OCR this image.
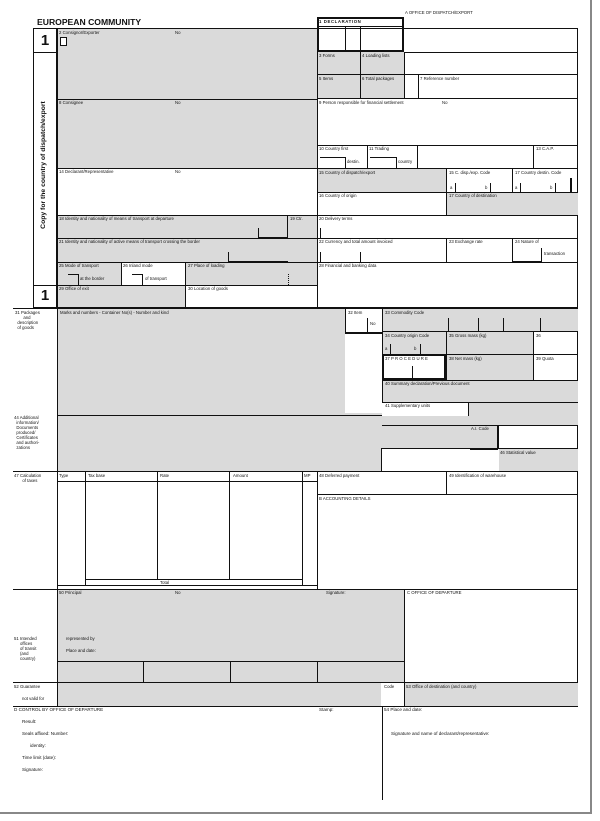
EUROPEAN COMMUNITY
A OFFICE OF DISPATCH/EXPORT
1
1
Copy for the country of dispatch/export
2 Consignor/Exporter	No
1 DECLARATION
3 Forms	4 Loading lists
5 Items	6 Total packages	7 Reference number
8 Consignee	No	9 Person responsible for financial settlement	No
10 Country first
destin.
11 Trading
country
13 C.A.P.
14 Declarant/Representative	No	15 Country of dispatch/export	15 C. disp./exp. Code	17 Country destin. Code
a	b	a	b
16 Country of origin	17 Country of destination
18 Identity and nationality of means of transport at departure	19 Ctr.	20 Delivery terms
21 Identity and nationality of active means of transport crossing the border	22 Currency and total amount invoiced	23 Exchange rate	24 Nature of
transaction
25 Mode of transport
at the border
26 Inland mode
of transport
27 Place of loading	28 Financial and banking data
29 Office of exit	30 Location of goods
31 Packages
and
description
of goods
Marks and numbers - Container No(s) - Number and kind	32 Item
No
33 Commodity Code
34 Country origin Code
a	b
35 Gross mass (kg)	36
37 P R O C E D U R E	38 Net mass (kg)	39 Quota
40 Summary declaration/Previous document
41 Supplementary units
44 Additional
information/
Documents
produced/
Certificates
and authori-
zations
A.I. Code
46 Statistical value
47 Calculation
of taxes
Type	Tax base	Rate	Amount	MP
Total
48 Deferred payment	49 Identification of warehouse
B ACCOUNTING DETAILS
50 Principal	No	Signature:
represented by
Place and date:
C OFFICE OF DEPARTURE
51 Intended
offices
of transit
(and
country)
52 Guarantee
not valid for
Code	53 Office of destination (and country)
D CONTROL BY OFFICE OF DEPARTURE	Stamp:	54 Place and date:
Result:
Seals affixed: Number:
identity:
Time limit (date):
Signature:
Signature and name of declarant/representative:
